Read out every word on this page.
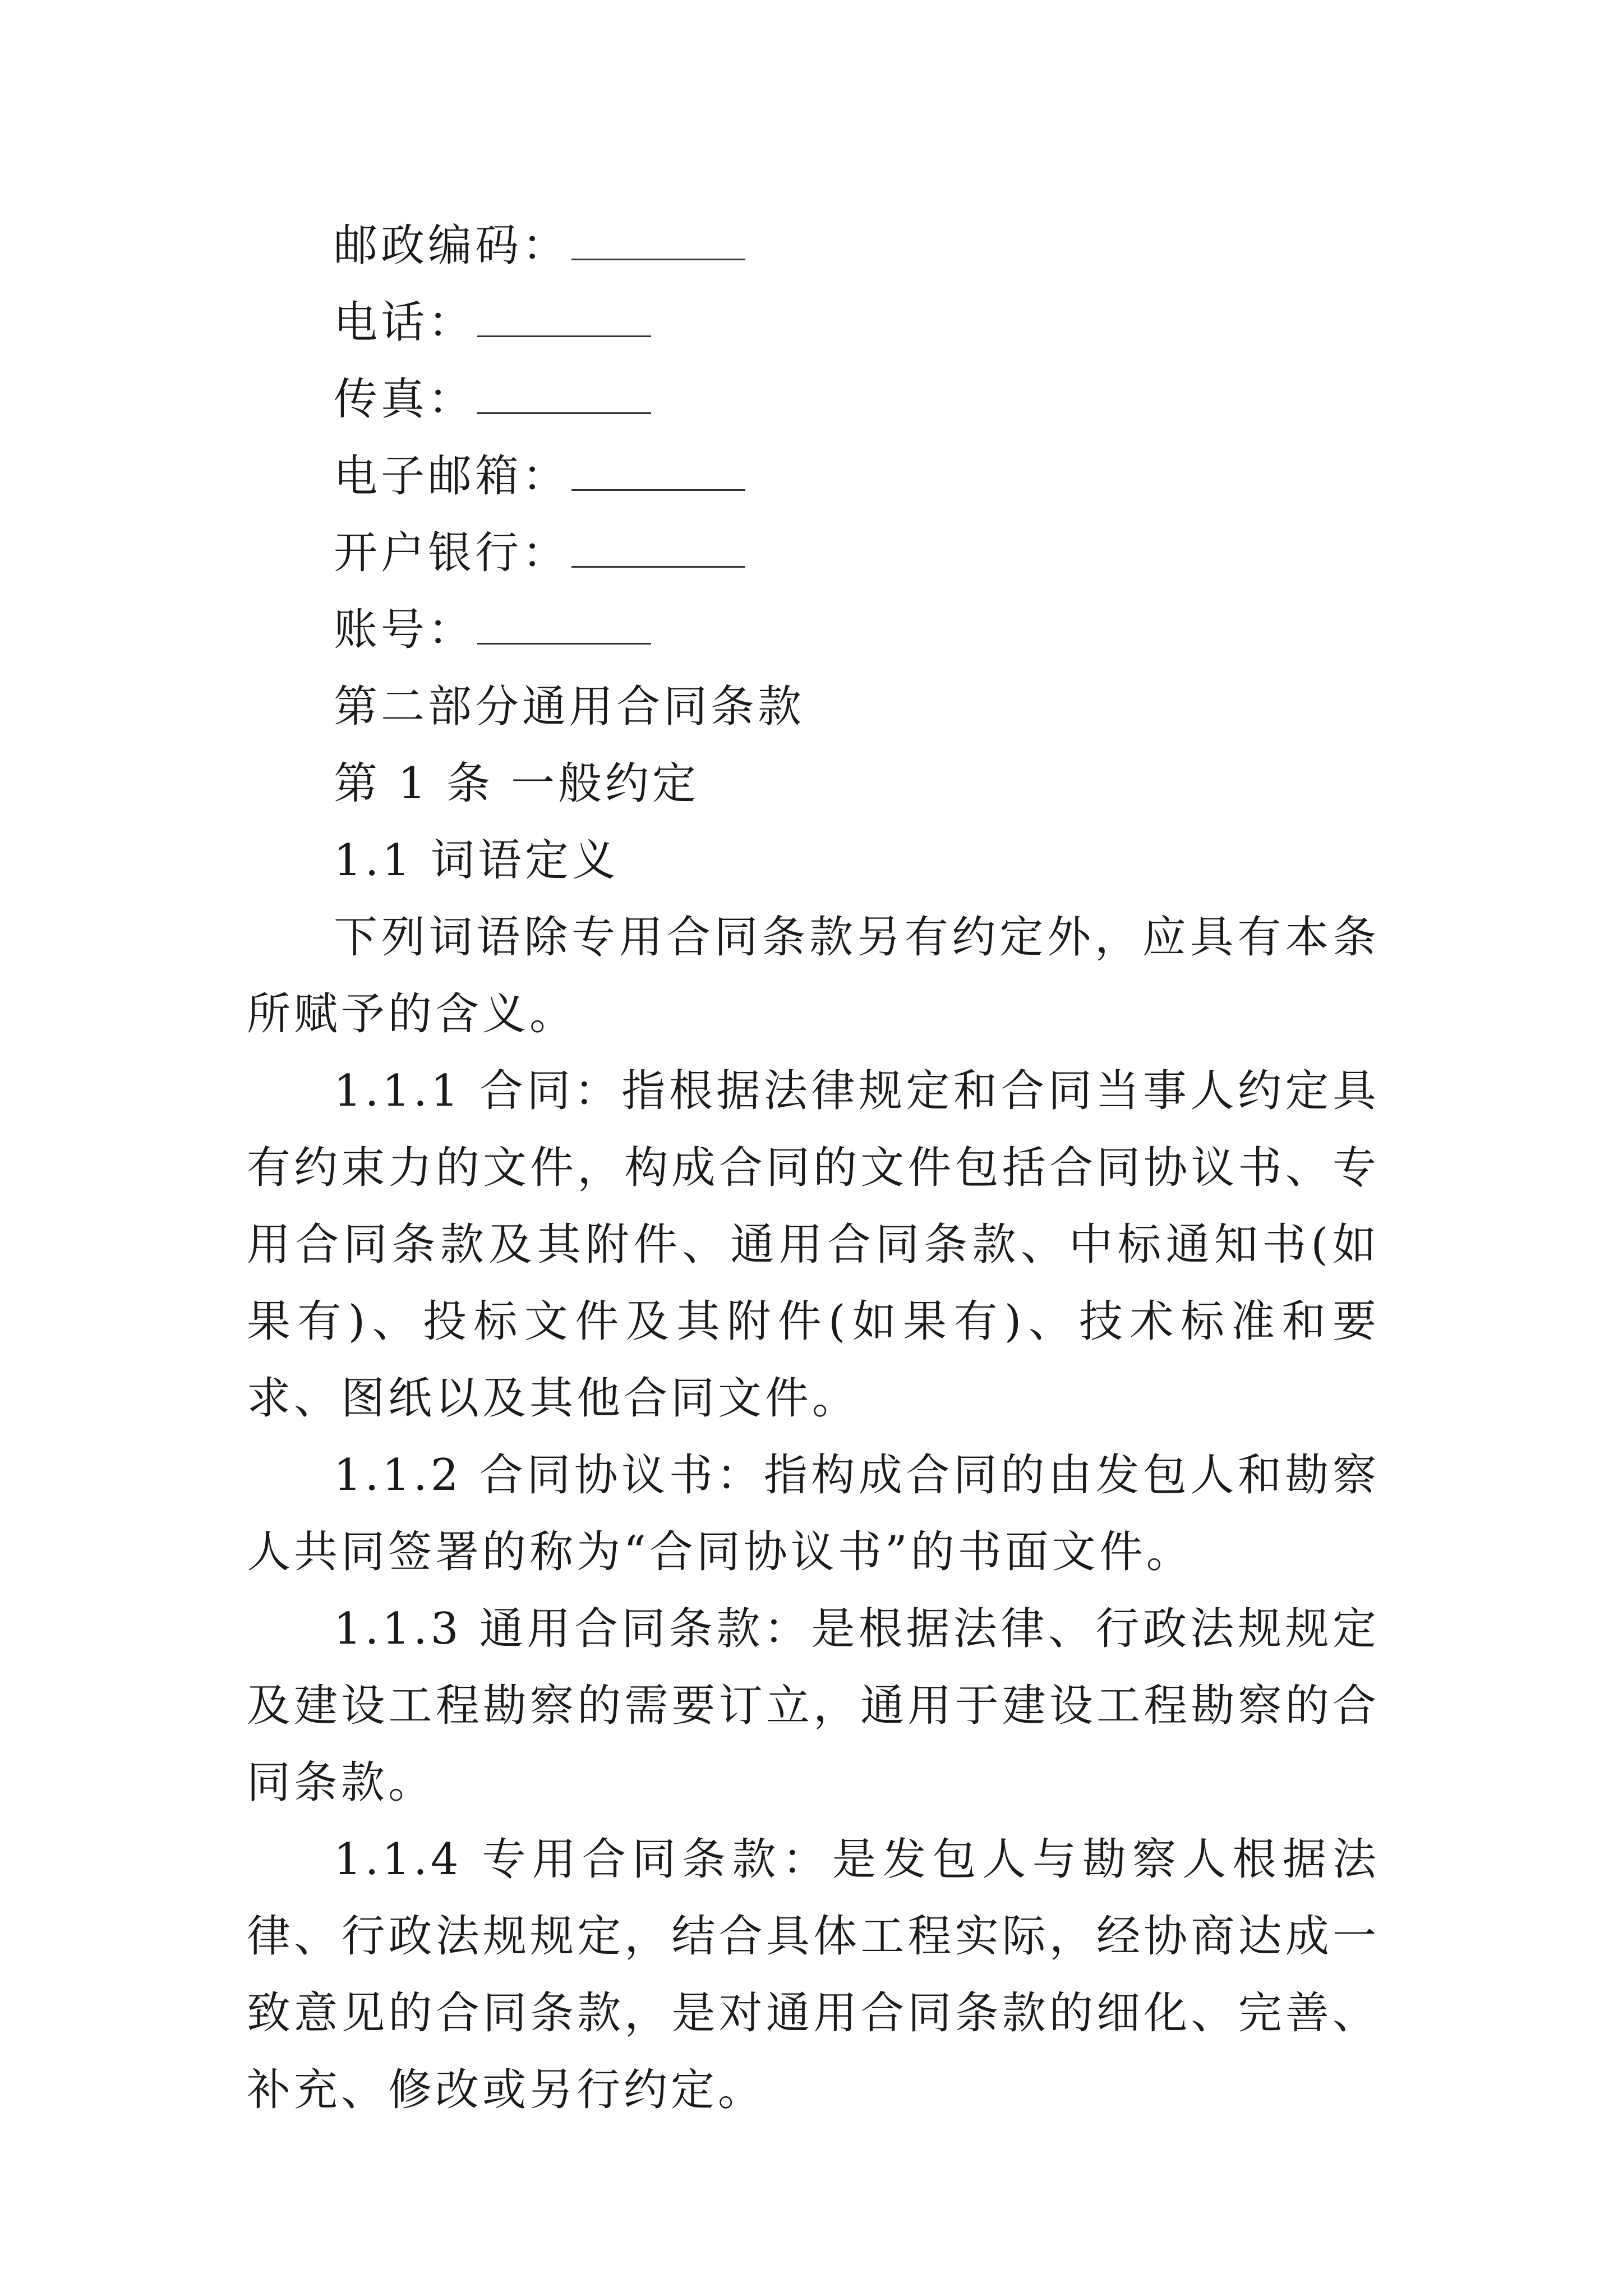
邮政编码：
电话：
传真：
电子邮箱：
开户银行：
账号：
第二部分通用合同条款
第 1 条 一般约定
1.1 词语定义

下列词语除专用合同条款另有约定外，应具有本条所赋予的含义。

1.1.1 合同：指根据法律规定和合同当事人约定具有约束力的文件，构成合同的文件包括合同协议书、专用合同条款及其附件、通用合同条款、中标通知书(如果有)、投标文件及其附件(如果有)、技术标准和要求、图纸以及其他合同文件。

1.1.2 合同协议书：指构成合同的由发包人和勘察人共同签署的称为“合同协议书”的书面文件。

1.1.3 通用合同条款：是根据法律、行政法规规定及建设工程勘察的需要订立，通用于建设工程勘察的合同条款。

1.1.4 专用合同条款：是发包人与勘察人根据法律、行政法规规定，结合具体工程实际，经协商达成一致意见的合同条款，是对通用合同条款的细化、完善、补充、修改或另行约定。
